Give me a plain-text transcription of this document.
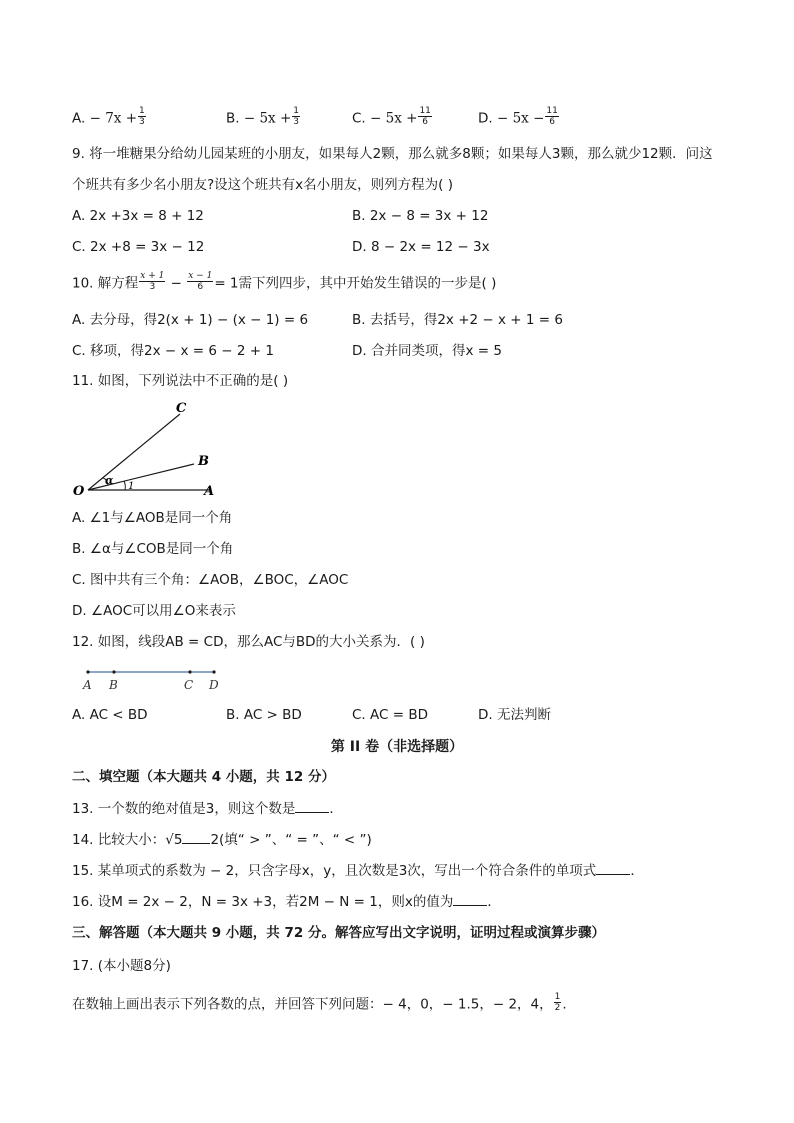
A. − $7x + \frac{1}{3}$	B. − $5x + \frac{1}{3}$	C. − $5x + \frac{11}{6}$	D. − $5x - \frac{11}{6}$
9. 将一堆糖果分给幼儿园某班的小朋友，如果每人2颗，那么就多8颗；如果每人3颗，那么就少12颗．问这
个班共有多少名小朋友?设这个班共有x名小朋友，则列方程为( )
A. 2x +3x = 8 + 12	B. 2x − 8 = 3x + 12
C. 2x +8 = 3x − 12	D. 8 − 2x = 12 − 3x
10. 解方程 $\frac{x + 1}{3} - \frac{x - 1}{6} = 1$需下列四步，其中开始发生错误的一步是( )
A. 去分母，得2(x + 1) − (x − 1) = 6	B. 去括号，得2x +2 − x + 1 = 6
C. 移项，得2x − x = 6 − 2 + 1	D. 合并同类项，得x = 5
11. 如图，下列说法中不正确的是( )
C
B
O	A
α 1
A. ∠1与∠AOB是同一个角
B. ∠α与∠COB是同一个角
C. 图中共有三个角：∠AOB，∠BOC，∠AOC
D. ∠AOC可以用∠O来表示
12. 如图，线段AB = CD，那么AC与BD的大小关系为．( )
A B	C D
A. AC < BD	B. AC > BD	C. AC = BD	D. 无法判断
第 II 卷（非选择题）
二、填空题（本大题共 4 小题，共 12 分）
13. 一个数的绝对值是3，则这个数是	．
14. 比较大小：√5 2(填“ > ”、“ = ”、“ < ”)
15. 某单项式的系数为 − 2，只含字母x，y，且次数是3次，写出一个符合条件的单项式	．
16. 设M = 2x − 2，N = 3x +3，若2M − N = 1，则x的值为	．
三、解答题（本大题共 9 小题，共 72 分。解答应写出文字说明，证明过程或演算步骤）
17. (本小题8分)
在数轴上画出表示下列各数的点，并回答下列问题：− 4，0，− 1.5，− 2，4， $\frac{1}{2}$ .
